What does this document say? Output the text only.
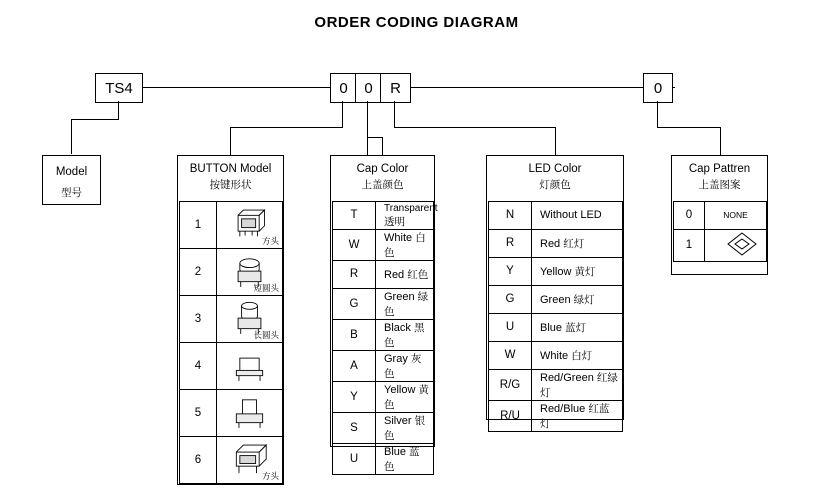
ORDER CODING DIAGRAM
TS4	0	0	R	0
Model
型号
BUTTON Model
按键形状
1	方头

2	短圆头

3	长圆头

4	

5	

6	方头
Cap Color
上盖颜色
T	Transparent 透明
W	White 白色
R	Red 红色
G	Green 绿色
B	Black 黑色
A	Gray 灰色
Y	Yellow 黄色
S	Silver 银色
U	Blue 蓝色
LED Color
灯颜色
N	Without LED
R	Red 红灯
Y	Yellow 黄灯
G	Green 绿灯
U	Blue 蓝灯
W	White 白灯
R/G	Red/Green 红绿灯
R/U	Red/Blue 红蓝灯
Cap Pattren
上盖图案
0	NONE
1	
